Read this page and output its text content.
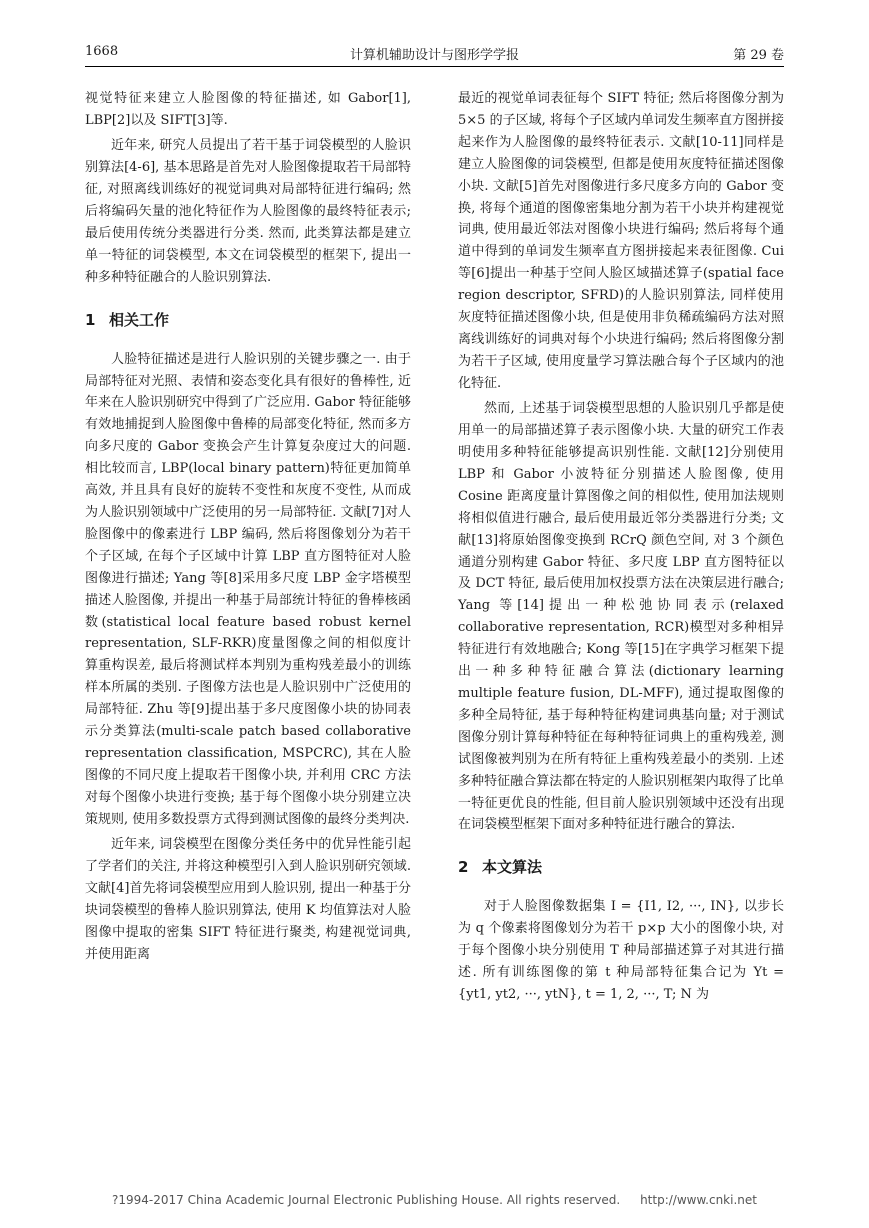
1668	计算机辅助设计与图形学学报	第 29 卷

视觉特征来建立人脸图像的特征描述, 如 Gabor[1], LBP[2]以及 SIFT[3]等.

近年来, 研究人员提出了若干基于词袋模型的人脸识别算法[4-6], 基本思路是首先对人脸图像提取若干局部特征, 对照离线训练好的视觉词典对局部特征进行编码; 然后将编码矢量的池化特征作为人脸图像的最终特征表示; 最后使用传统分类器进行分类. 然而, 此类算法都是建立单一特征的词袋模型, 本文在词袋模型的框架下, 提出一种多种特征融合的人脸识别算法.

1 相关工作

人脸特征描述是进行人脸识别的关键步骤之一. 由于局部特征对光照、表情和姿态变化具有很好的鲁棒性, 近年来在人脸识别研究中得到了广泛应用. Gabor 特征能够有效地捕捉到人脸图像中鲁棒的局部变化特征, 然而多方向多尺度的 Gabor 变换会产生计算复杂度过大的问题. 相比较而言, LBP(local binary pattern)特征更加简单高效, 并且具有良好的旋转不变性和灰度不变性, 从而成为人脸识别领域中广泛使用的另一局部特征. 文献[7]对人脸图像中的像素进行 LBP 编码, 然后将图像划分为若干个子区域, 在每个子区域中计算 LBP 直方图特征对人脸图像进行描述; Yang 等[8]采用多尺度 LBP 金字塔模型描述人脸图像, 并提出一种基于局部统计特征的鲁棒核函数(statistical local feature based robust kernel representation, SLF-RKR)度量图像之间的相似度计算重构误差, 最后将测试样本判别为重构残差最小的训练样本所属的类别. 子图像方法也是人脸识别中广泛使用的局部特征. Zhu 等[9]提出基于多尺度图像小块的协同表示分类算法(multi-scale patch based collaborative representation classification, MSPCRC), 其在人脸图像的不同尺度上提取若干图像小块, 并利用 CRC 方法对每个图像小块进行变换; 基于每个图像小块分别建立决策规则, 使用多数投票方式得到测试图像的最终分类判决.

近年来, 词袋模型在图像分类任务中的优异性能引起了学者们的关注, 并将这种模型引入到人脸识别研究领域. 文献[4]首先将词袋模型应用到人脸识别, 提出一种基于分块词袋模型的鲁棒人脸识别算法, 使用 K 均值算法对人脸图像中提取的密集 SIFT 特征进行聚类, 构建视觉词典, 并使用距离

最近的视觉单词表征每个 SIFT 特征; 然后将图像分割为 5×5 的子区域, 将每个子区域内单词发生频率直方图拼接起来作为人脸图像的最终特征表示. 文献[10-11]同样是建立人脸图像的词袋模型, 但都是使用灰度特征描述图像小块. 文献[5]首先对图像进行多尺度多方向的 Gabor 变换, 将每个通道的图像密集地分割为若干小块并构建视觉词典, 使用最近邻法对图像小块进行编码; 然后将每个通道中得到的单词发生频率直方图拼接起来表征图像. Cui 等[6]提出一种基于空间人脸区域描述算子(spatial face region descriptor, SFRD)的人脸识别算法, 同样使用灰度特征描述图像小块, 但是使用非负稀疏编码方法对照离线训练好的词典对每个小块进行编码; 然后将图像分割为若干子区域, 使用度量学习算法融合每个子区域内的池化特征.

然而, 上述基于词袋模型思想的人脸识别几乎都是使用单一的局部描述算子表示图像小块. 大量的研究工作表明使用多种特征能够提高识别性能. 文献[12]分别使用 LBP 和 Gabor 小波特征分别描述人脸图像, 使用 Cosine 距离度量计算图像之间的相似性, 使用加法规则将相似值进行融合, 最后使用最近邻分类器进行分类; 文献[13]将原始图像变换到 RCrQ 颜色空间, 对 3 个颜色通道分别构建 Gabor 特征、多尺度 LBP 直方图特征以及 DCT 特征, 最后使用加权投票方法在决策层进行融合; Yang 等[14]提出一种松弛协同表示(relaxed collaborative representation, RCR)模型对多种相异特征进行有效地融合; Kong 等[15]在字典学习框架下提出一种多种特征融合算法(dictionary learning multiple feature fusion, DL-MFF), 通过提取图像的多种全局特征, 基于每种特征构建词典基向量; 对于测试图像分别计算每种特征在每种特征词典上的重构残差, 测试图像被判别为在所有特征上重构残差最小的类别. 上述多种特征融合算法都在特定的人脸识别框架内取得了比单一特征更优良的性能, 但目前人脸识别领域中还没有出现在词袋模型框架下面对多种特征进行融合的算法.

2 本文算法

对于人脸图像数据集 I = {I1, I2, ···, IN}, 以步长为 q 个像素将图像划分为若干 p×p 大小的图像小块, 对于每个图像小块分别使用 T 种局部描述算子对其进行描述. 所有训练图像的第 t 种局部特征集合记为 Yt = {yt1, yt2, ···, ytN}, t = 1, 2, ···, T; N 为

?1994-2017 China Academic Journal Electronic Publishing House. All rights reserved. http://www.cnki.net
